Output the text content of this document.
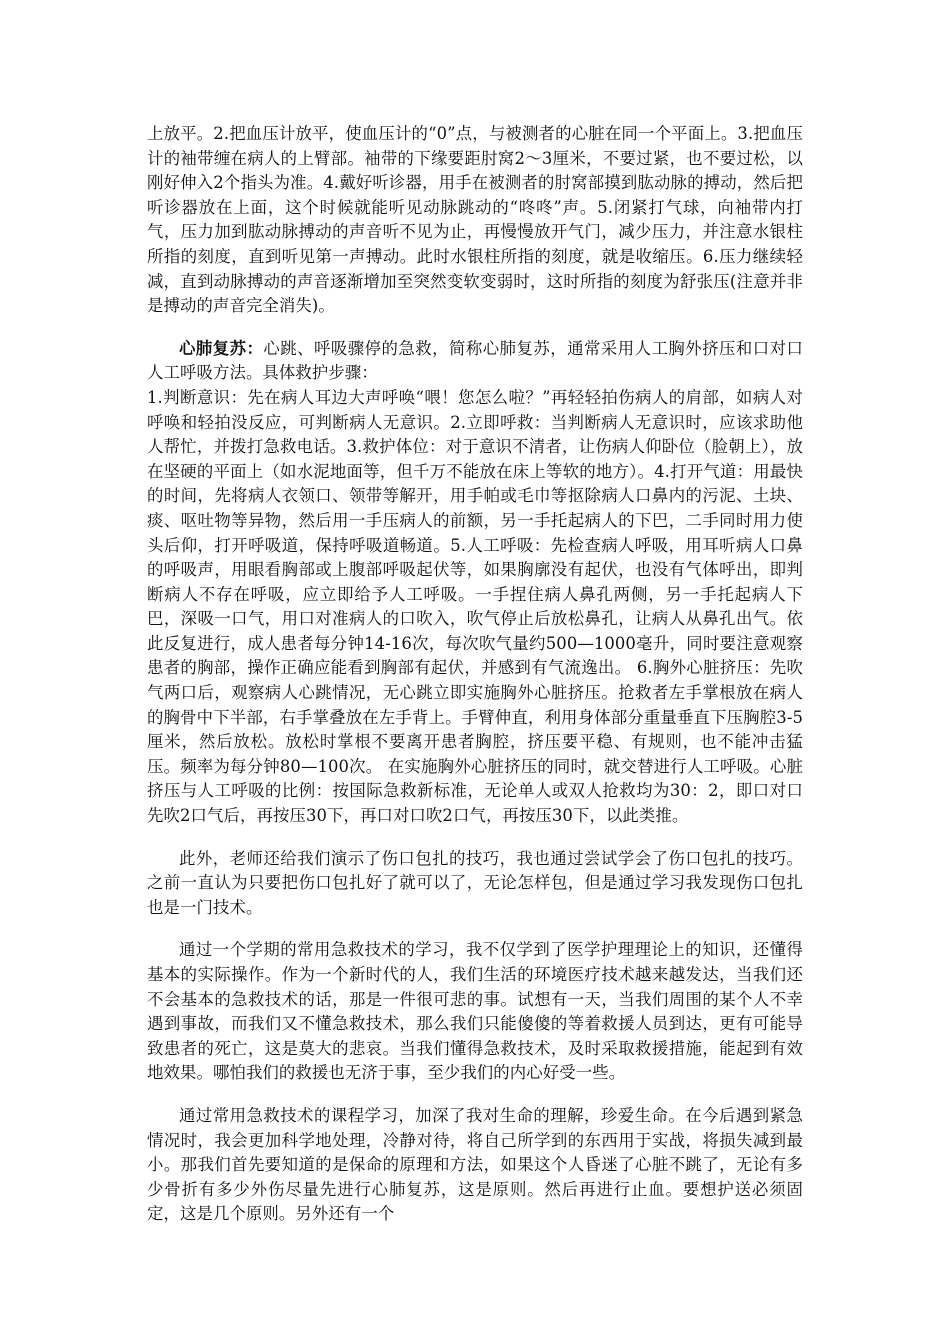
上放平。2.把血压计放平，使血压计的“0”点，与被测者的心脏在同一个平面上。3.把血压计的袖带缠在病人的上臂部。袖带的下缘要距肘窝2～3厘米，不要过紧，也不要过松，以刚好伸入2个指头为准。4.戴好听诊器，用手在被测者的肘窝部摸到肱动脉的搏动，然后把听诊器放在上面，这个时候就能听见动脉跳动的“咚咚”声。5.闭紧打气球，向袖带内打气，压力加到肱动脉搏动的声音听不见为止，再慢慢放开气门，减少压力，并注意水银柱所指的刻度，直到听见第一声搏动。此时水银柱所指的刻度，就是收缩压。6.压力继续轻减，直到动脉搏动的声音逐渐增加至突然变软变弱时，这时所指的刻度为舒张压(注意并非是搏动的声音完全消失)。

心肺复苏：心跳、呼吸骤停的急救，简称心肺复苏，通常采用人工胸外挤压和口对口人工呼吸方法。具体救护步骤：

1.判断意识：先在病人耳边大声呼唤“喂！您怎么啦？”再轻轻拍伤病人的肩部，如病人对呼唤和轻拍没反应，可判断病人无意识。2.立即呼救：当判断病人无意识时，应该求助他人帮忙，并拨打急救电话。3.救护体位：对于意识不清者，让伤病人仰卧位（脸朝上），放在坚硬的平面上（如水泥地面等，但千万不能放在床上等软的地方）。4.打开气道：用最快的时间，先将病人衣领口、领带等解开，用手帕或毛巾等抠除病人口鼻内的污泥、土块、痰、呕吐物等异物，然后用一手压病人的前额，另一手托起病人的下巴，二手同时用力使头后仰，打开呼吸道，保持呼吸道畅道。5.人工呼吸：先检查病人呼吸，用耳听病人口鼻的呼吸声，用眼看胸部或上腹部呼吸起伏等，如果胸廓没有起伏，也没有气体呼出，即判断病人不存在呼吸，应立即给予人工呼吸。一手捏住病人鼻孔两侧，另一手托起病人下巴，深吸一口气，用口对准病人的口吹入，吹气停止后放松鼻孔，让病人从鼻孔出气。依此反复进行，成人患者每分钟14-16次，每次吹气量约500—1000毫升，同时要注意观察患者的胸部，操作正确应能看到胸部有起伏，并感到有气流逸出。 6.胸外心脏挤压：先吹气两口后，观察病人心跳情况，无心跳立即实施胸外心脏挤压。抢救者左手掌根放在病人的胸骨中下半部，右手掌叠放在左手背上。手臂伸直，利用身体部分重量垂直下压胸腔3-5厘米，然后放松。放松时掌根不要离开患者胸腔，挤压要平稳、有规则，也不能冲击猛压。频率为每分钟80—100次。 在实施胸外心脏挤压的同时，就交替进行人工呼吸。心脏挤压与人工呼吸的比例：按国际急救新标准，无论单人或双人抢救均为30：2，即口对口先吹2口气后，再按压30下，再口对口吹2口气，再按压30下，以此类推。

此外，老师还给我们演示了伤口包扎的技巧，我也通过尝试学会了伤口包扎的技巧。之前一直认为只要把伤口包扎好了就可以了，无论怎样包，但是通过学习我发现伤口包扎也是一门技术。

通过一个学期的常用急救技术的学习，我不仅学到了医学护理理论上的知识，还懂得基本的实际操作。作为一个新时代的人，我们生活的环境医疗技术越来越发达，当我们还不会基本的急救技术的话，那是一件很可悲的事。试想有一天，当我们周围的某个人不幸遇到事故，而我们又不懂急救技术，那么我们只能傻傻的等着救援人员到达，更有可能导致患者的死亡，这是莫大的悲哀。当我们懂得急救技术，及时采取救援措施，能起到有效地效果。哪怕我们的救援也无济于事，至少我们的内心好受一些。

通过常用急救技术的课程学习，加深了我对生命的理解，珍爱生命。在今后遇到紧急情况时，我会更加科学地处理，冷静对待，将自己所学到的东西用于实战，将损失减到最小。那我们首先要知道的是保命的原理和方法，如果这个人昏迷了心脏不跳了，无论有多少骨折有多少外伤尽量先进行心肺复苏，这是原则。然后再进行止血。要想护送必须固定，这是几个原则。另外还有一个
